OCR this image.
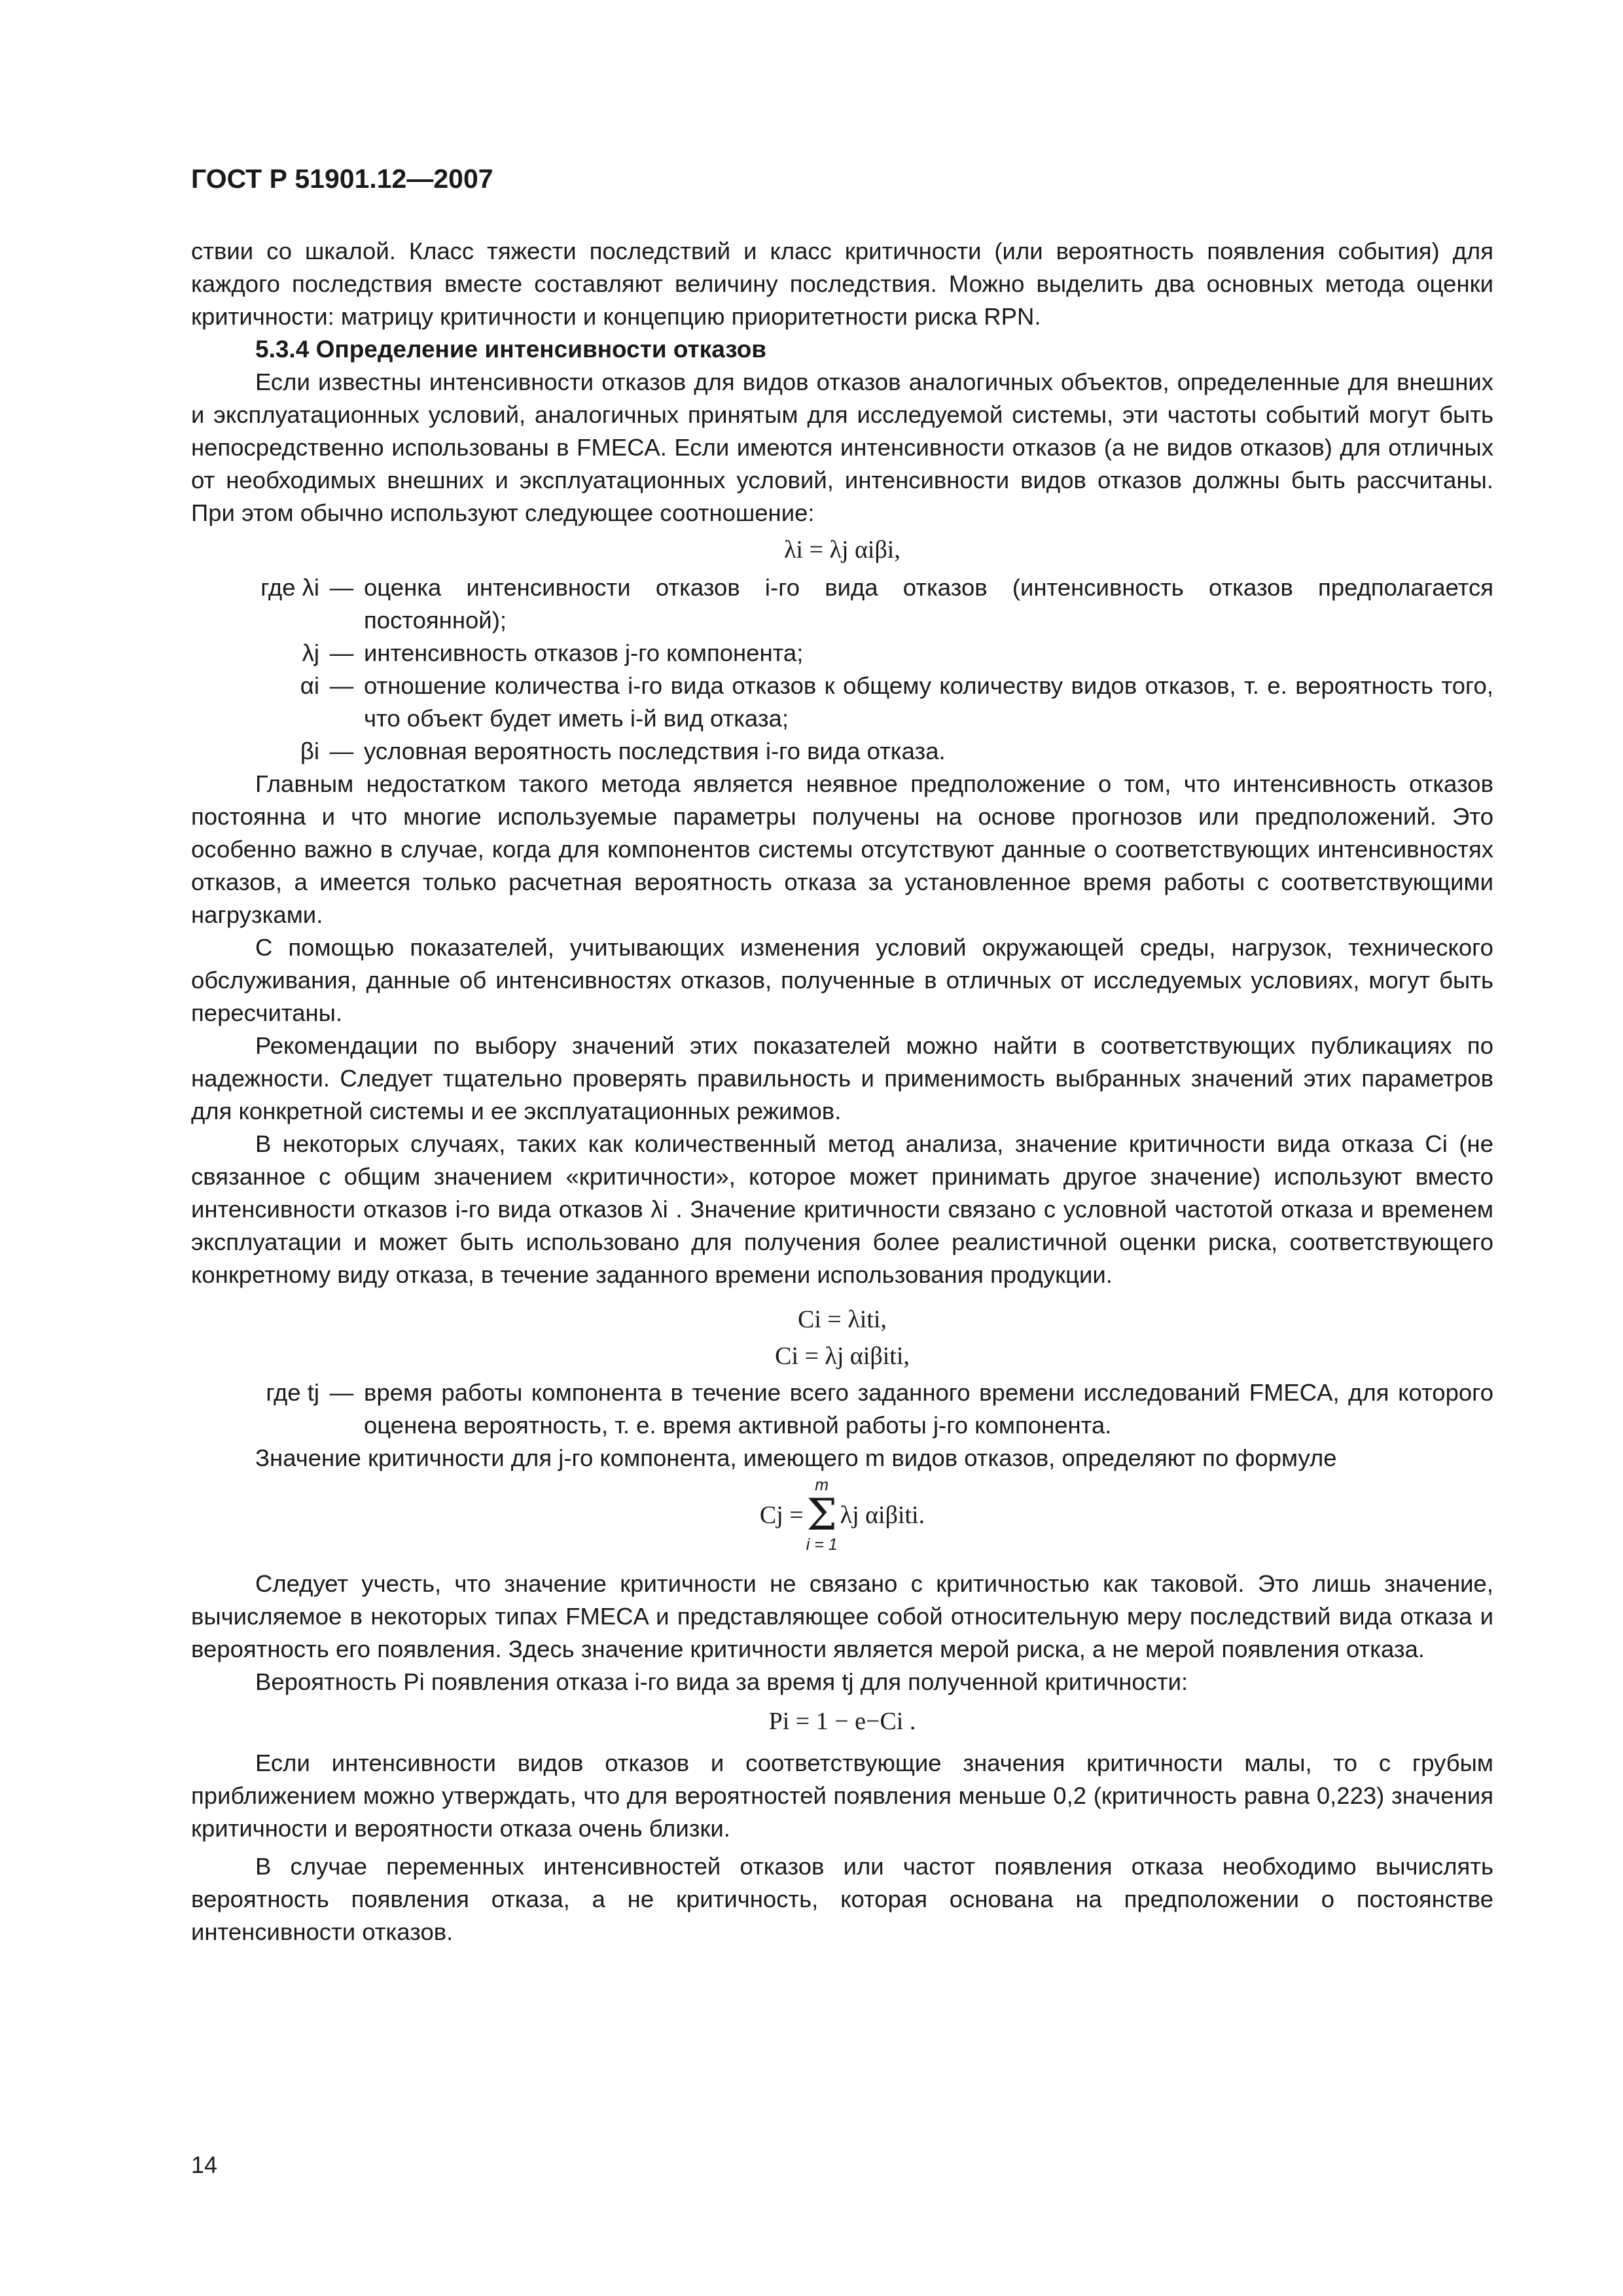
ГОСТ Р 51901.12—2007

ствии со шкалой. Класс тяжести последствий и класс критичности (или вероятность появления события) для каждого последствия вместе составляют величину последствия. Можно выделить два основных метода оценки критичности: матрицу критичности и концепцию приоритетности риска RPN.

5.3.4 Определение интенсивности отказов

Если известны интенсивности отказов для видов отказов аналогичных объектов, определенные для внешних и эксплуатационных условий, аналогичных принятым для исследуемой системы, эти частоты событий могут быть непосредственно использованы в FMECA. Если имеются интенсивности отказов (а не видов отказов) для отличных от необходимых внешних и эксплуатационных условий, интенсивности видов отказов должны быть рассчитаны. При этом обычно используют следующее соотношение:

λi = λj αiβi,
где λi — оценка интенсивности отказов i-го вида отказов (интенсивность отказов предполагается постоянной);
λj — интенсивность отказов j-го компонента;
αi — отношение количества i-го вида отказов к общему количеству видов отказов, т. е. вероятность того, что объект будет иметь i-й вид отказа;
βi — условная вероятность последствия i-го вида отказа.

Главным недостатком такого метода является неявное предположение о том, что интенсивность отказов постоянна и что многие используемые параметры получены на основе прогнозов или предположений. Это особенно важно в случае, когда для компонентов системы отсутствуют данные о соответствующих интенсивностях отказов, а имеется только расчетная вероятность отказа за установленное время работы с соответствующими нагрузками.

С помощью показателей, учитывающих изменения условий окружающей среды, нагрузок, технического обслуживания, данные об интенсивностях отказов, полученные в отличных от исследуемых условиях, могут быть пересчитаны.

Рекомендации по выбору значений этих показателей можно найти в соответствующих публикациях по надежности. Следует тщательно проверять правильность и применимость выбранных значений этих параметров для конкретной системы и ее эксплуатационных режимов.

В некоторых случаях, таких как количественный метод анализа, значение критичности вида отказа Ci (не связанное с общим значением «критичности», которое может принимать другое значение) используют вместо интенсивности отказов i-го вида отказов λi . Значение критичности связано с условной частотой отказа и временем эксплуатации и может быть использовано для получения более реалистичной оценки риска, соответствующего конкретному виду отказа, в течение заданного времени использования продукции.

Ci = λiti,
Ci = λj αiβiti,
где tj — время работы компонента в течение всего заданного времени исследований FMECA, для которого оценена вероятность, т. е. время активной работы j-го компонента.

Значение критичности для j-го компонента, имеющего m видов отказов, определяют по формуле

Cj =
m
Σ
i = 1
λj αiβiti.

Следует учесть, что значение критичности не связано с критичностью как таковой. Это лишь значение, вычисляемое в некоторых типах FMECA и представляющее собой относительную меру последствий вида отказа и вероятность его появления. Здесь значение критичности является мерой риска, а не мерой появления отказа.

Вероятность Pi появления отказа i-го вида за время tj для полученной критичности:

Pi = 1 − e−Ci .

Если интенсивности видов отказов и соответствующие значения критичности малы, то с грубым приближением можно утверждать, что для вероятностей появления меньше 0,2 (критичность равна 0,223) значения критичности и вероятности отказа очень близки.

В случае переменных интенсивностей отказов или частот появления отказа необходимо вычислять вероятность появления отказа, а не критичность, которая основана на предположении о постоянстве интенсивности отказов.

14
